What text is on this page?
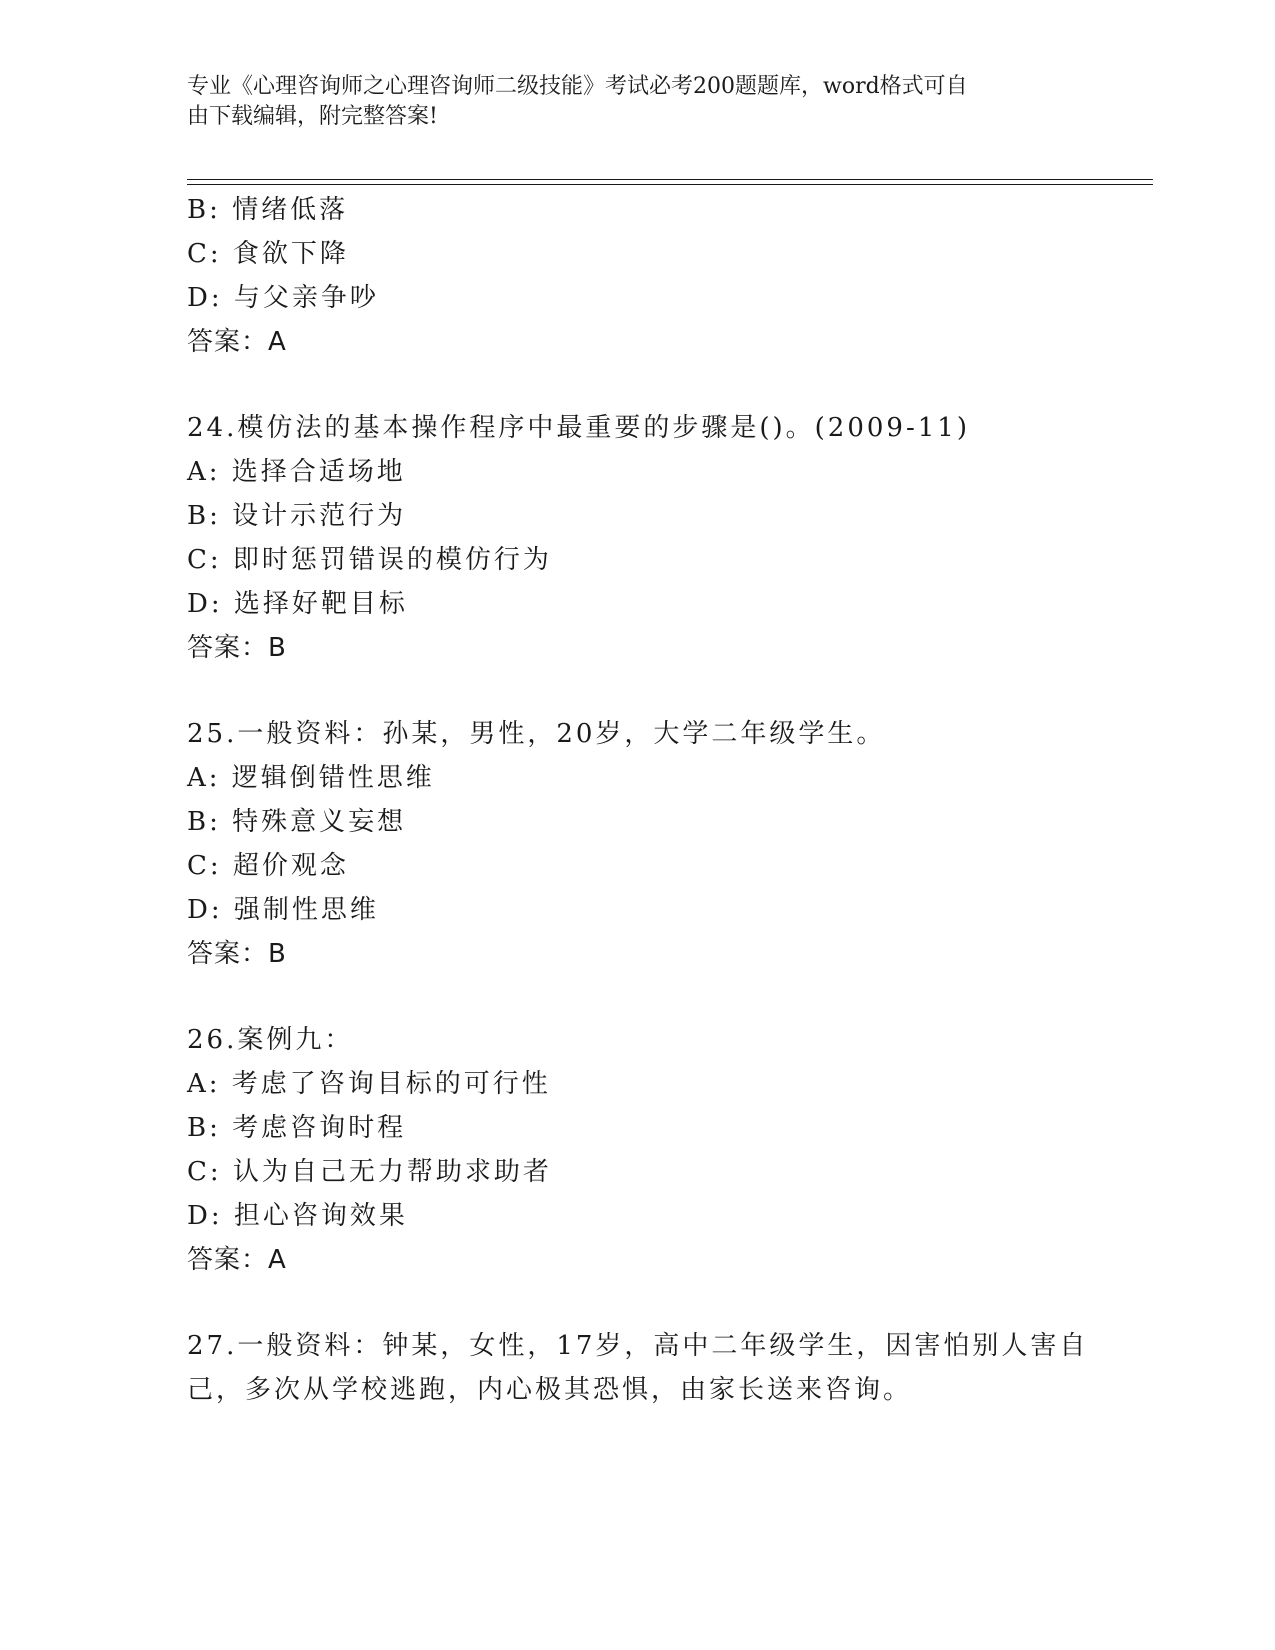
专业《心理咨询师之心理咨询师二级技能》考试必考200题题库，word格式可自
由下载编辑，附完整答案!
B: 情绪低落
C: 食欲下降
D: 与父亲争吵
答案：A
24.模仿法的基本操作程序中最重要的步骤是()。(2009-11)
A: 选择合适场地
B: 设计示范行为
C: 即时惩罚错误的模仿行为
D: 选择好靶目标
答案：B
25.一般资料：孙某，男性，20岁，大学二年级学生。
A: 逻辑倒错性思维
B: 特殊意义妄想
C: 超价观念
D: 强制性思维
答案：B
26.案例九：
A: 考虑了咨询目标的可行性
B: 考虑咨询时程
C: 认为自己无力帮助求助者
D: 担心咨询效果
答案：A
27.一般资料：钟某，女性，17岁，高中二年级学生，因害怕别人害自
己，多次从学校逃跑，内心极其恐惧，由家长送来咨询。
